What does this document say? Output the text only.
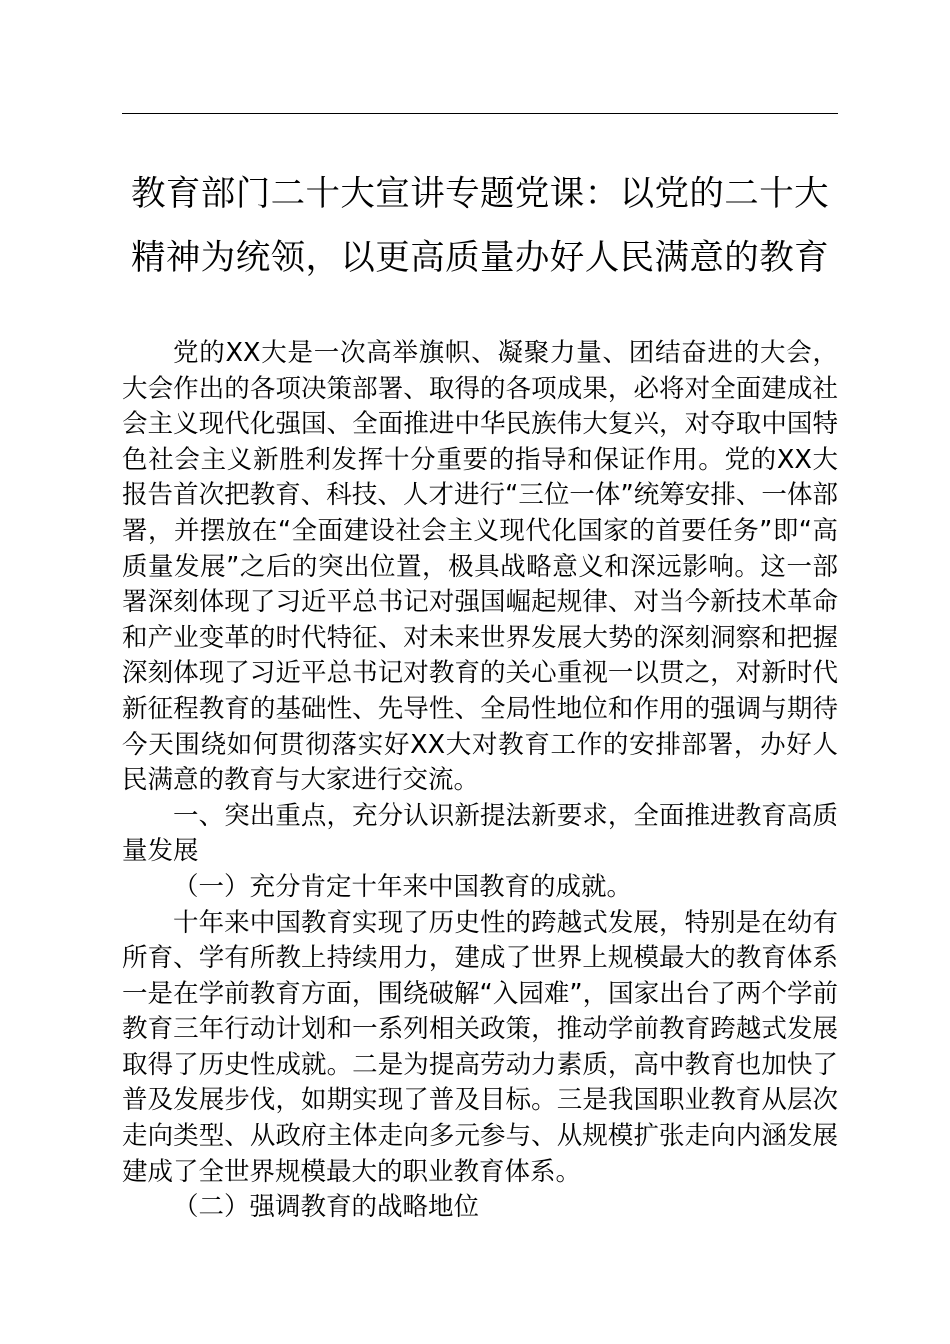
教育部门二十大宣讲专题党课：以党的二十大
精神为统领，以更高质量办好人民满意的教育

党的XX大是一次高举旗帜、凝聚力量、团结奋进的大会，大会作出的各项决策部署、取得的各项成果，必将对全面建成社会主义现代化强国、全面推进中华民族伟大复兴，对夺取中国特色社会主义新胜利发挥十分重要的指导和保证作用。党的XX大报告首次把教育、科技、人才进行“三位一体”统筹安排、一体部署，并摆放在“全面建设社会主义现代化国家的首要任务”即“高质量发展”之后的突出位置，极具战略意义和深远影响。这一部署深刻体现了习近平总书记对强国崛起规律、对当今新技术革命和产业变革的时代特征、对未来世界发展大势的深刻洞察和把握深刻体现了习近平总书记对教育的关心重视一以贯之，对新时代新征程教育的基础性、先导性、全局性地位和作用的强调与期待今天围绕如何贯彻落实好XX大对教育工作的安排部署，办好人民满意的教育与大家进行交流。

一、突出重点，充分认识新提法新要求，全面推进教育高质量发展

（一）充分肯定十年来中国教育的成就。

十年来中国教育实现了历史性的跨越式发展，特别是在幼有所育、学有所教上持续用力，建成了世界上规模最大的教育体系一是在学前教育方面，围绕破解“入园难”，国家出台了两个学前教育三年行动计划和一系列相关政策，推动学前教育跨越式发展取得了历史性成就。二是为提高劳动力素质，高中教育也加快了普及发展步伐，如期实现了普及目标。三是我国职业教育从层次走向类型、从政府主体走向多元参与、从规模扩张走向内涵发展建成了全世界规模最大的职业教育体系。

（二）强调教育的战略地位
